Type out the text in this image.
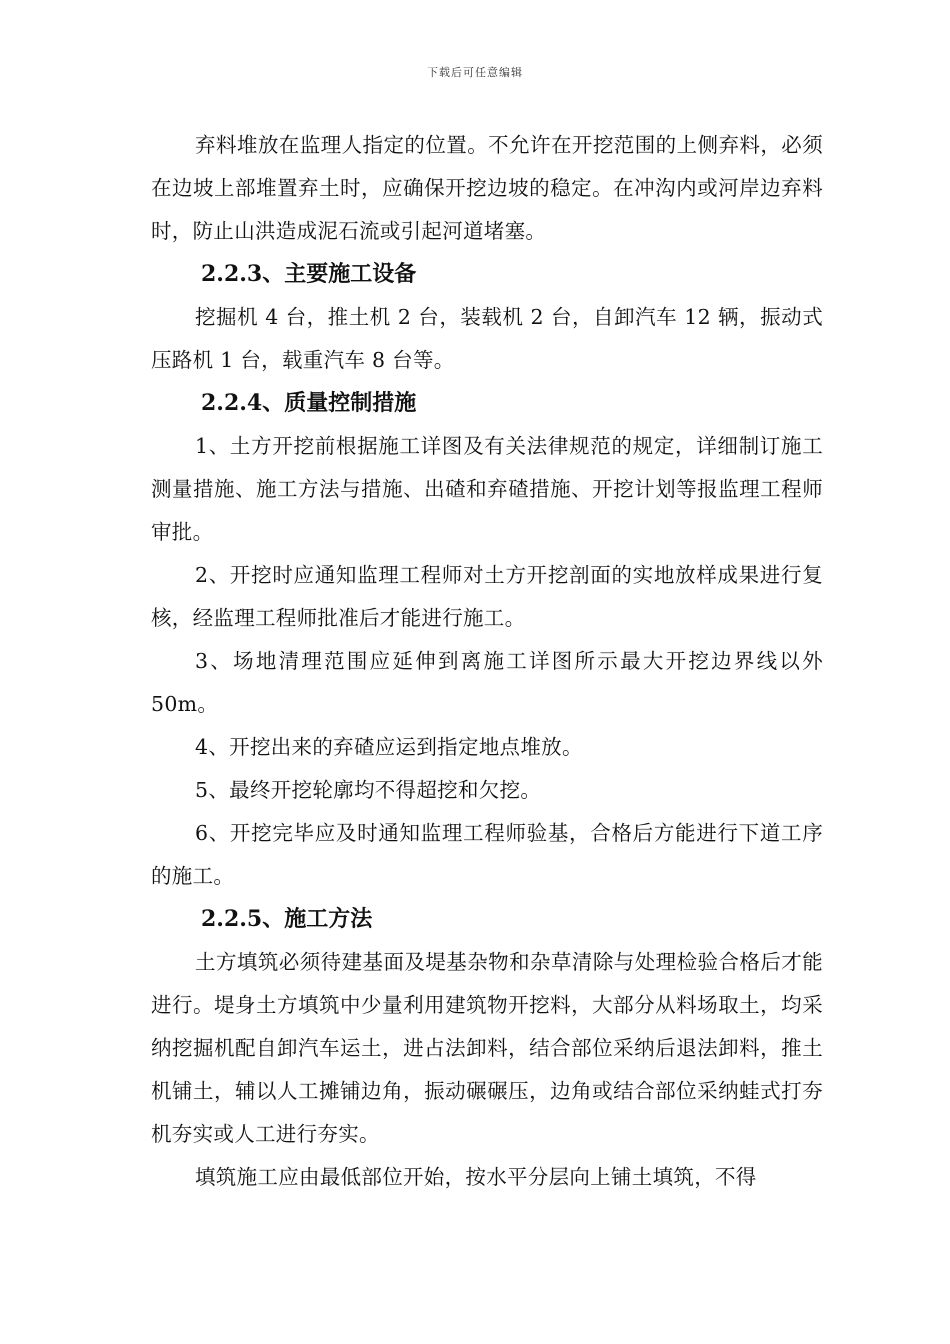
下载后可任意编辑

弃料堆放在监理人指定的位置。不允许在开挖范围的上侧弃料，必须在边坡上部堆置弃土时，应确保开挖边坡的稳定。在冲沟内或河岸边弃料时，防止山洪造成泥石流或引起河道堵塞。

2.2.3、主要施工设备

挖掘机 4 台，推土机 2 台，装载机 2 台，自卸汽车 12 辆，振动式压路机 1 台，载重汽车 8 台等。

2.2.4、质量控制措施

1、土方开挖前根据施工详图及有关法律规范的规定，详细制订施工测量措施、施工方法与措施、出碴和弃碴措施、开挖计划等报监理工程师审批。

2、开挖时应通知监理工程师对土方开挖剖面的实地放样成果进行复核，经监理工程师批准后才能进行施工。

3、场地清理范围应延伸到离施工详图所示最大开挖边界线以外50m。

4、开挖出来的弃碴应运到指定地点堆放。

5、最终开挖轮廓均不得超挖和欠挖。

6、开挖完毕应及时通知监理工程师验基，合格后方能进行下道工序的施工。

2.2.5、施工方法

土方填筑必须待建基面及堤基杂物和杂草清除与处理检验合格后才能进行。堤身土方填筑中少量利用建筑物开挖料，大部分从料场取土，均采纳挖掘机配自卸汽车运土，进占法卸料，结合部位采纳后退法卸料，推土机铺土，辅以人工摊铺边角，振动碾碾压，边角或结合部位采纳蛙式打夯机夯实或人工进行夯实。

填筑施工应由最低部位开始，按水平分层向上铺土填筑，不得
